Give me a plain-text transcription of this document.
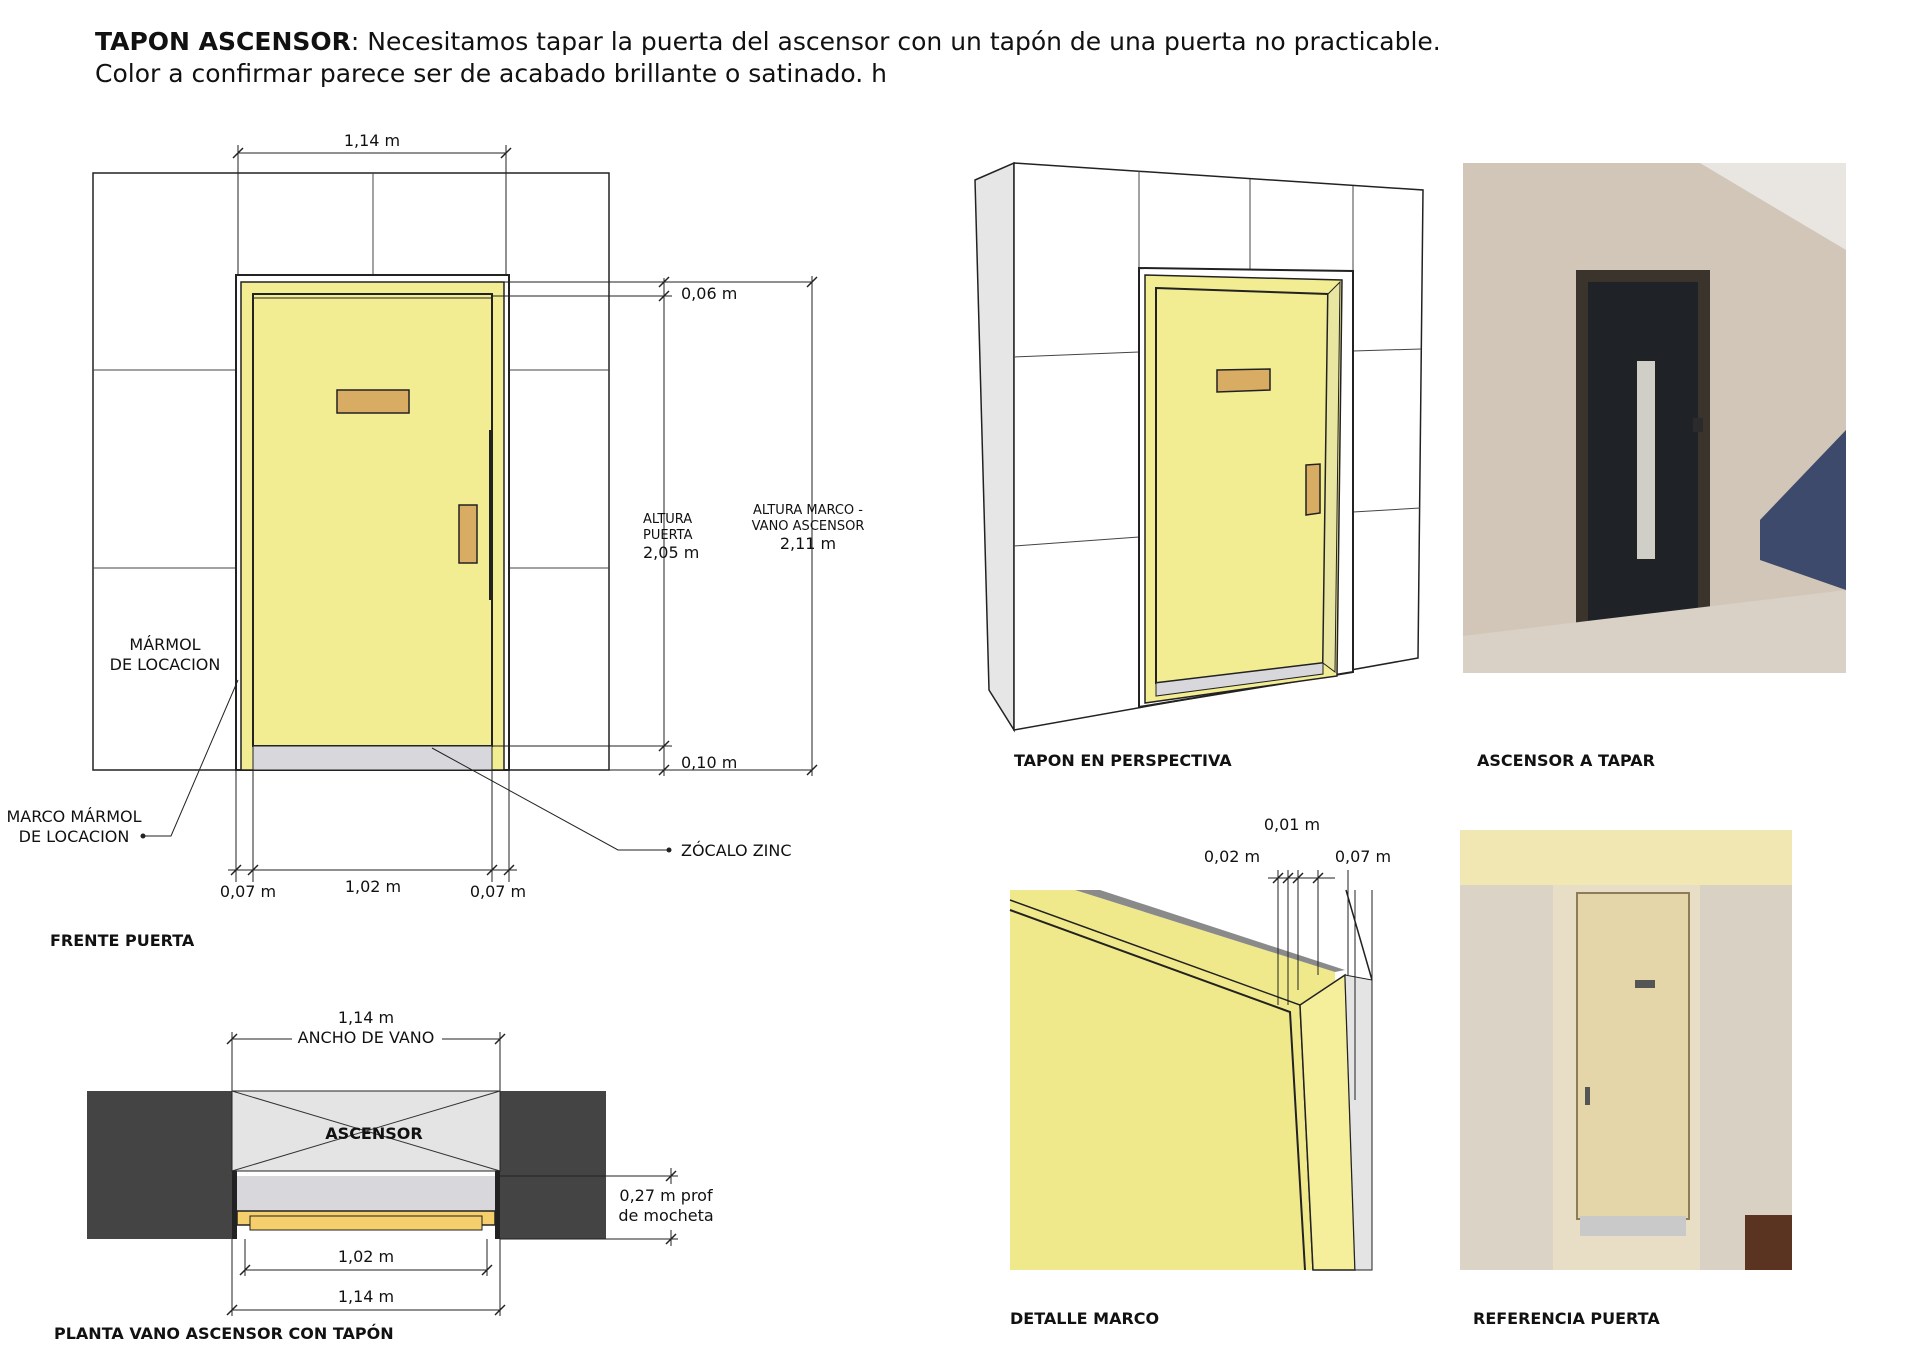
TAPON ASCENSOR: Necesitamos tapar la puerta del ascensor con un tapón de una puerta no practicable.
Color a confirmar parece ser de acabado brillante o satinado. h
1,14 m
0,06 m
0,10 m
ALTURA
PUERTA
2,05 m
ALTURA MARCO -
VANO ASCENSOR
2,11 m
MÁRMOL
DE LOCACION
MARCO MÁRMOL
DE LOCACION
ZÓCALO ZINC
0,07 m	1,02 m	0,07 m
FRENTE PUERTA
ASCENSOR
1,14 m
ANCHO DE VANO
0,27 m prof
de mocheta
1,02 m
1,14 m
PLANTA VANO ASCENSOR CON TAPÓN
TAPON EN PERSPECTIVA	ASCENSOR A TAPAR
0,01 m
0,02 m	0,07 m
DETALLE MARCO	REFERENCIA PUERTA
